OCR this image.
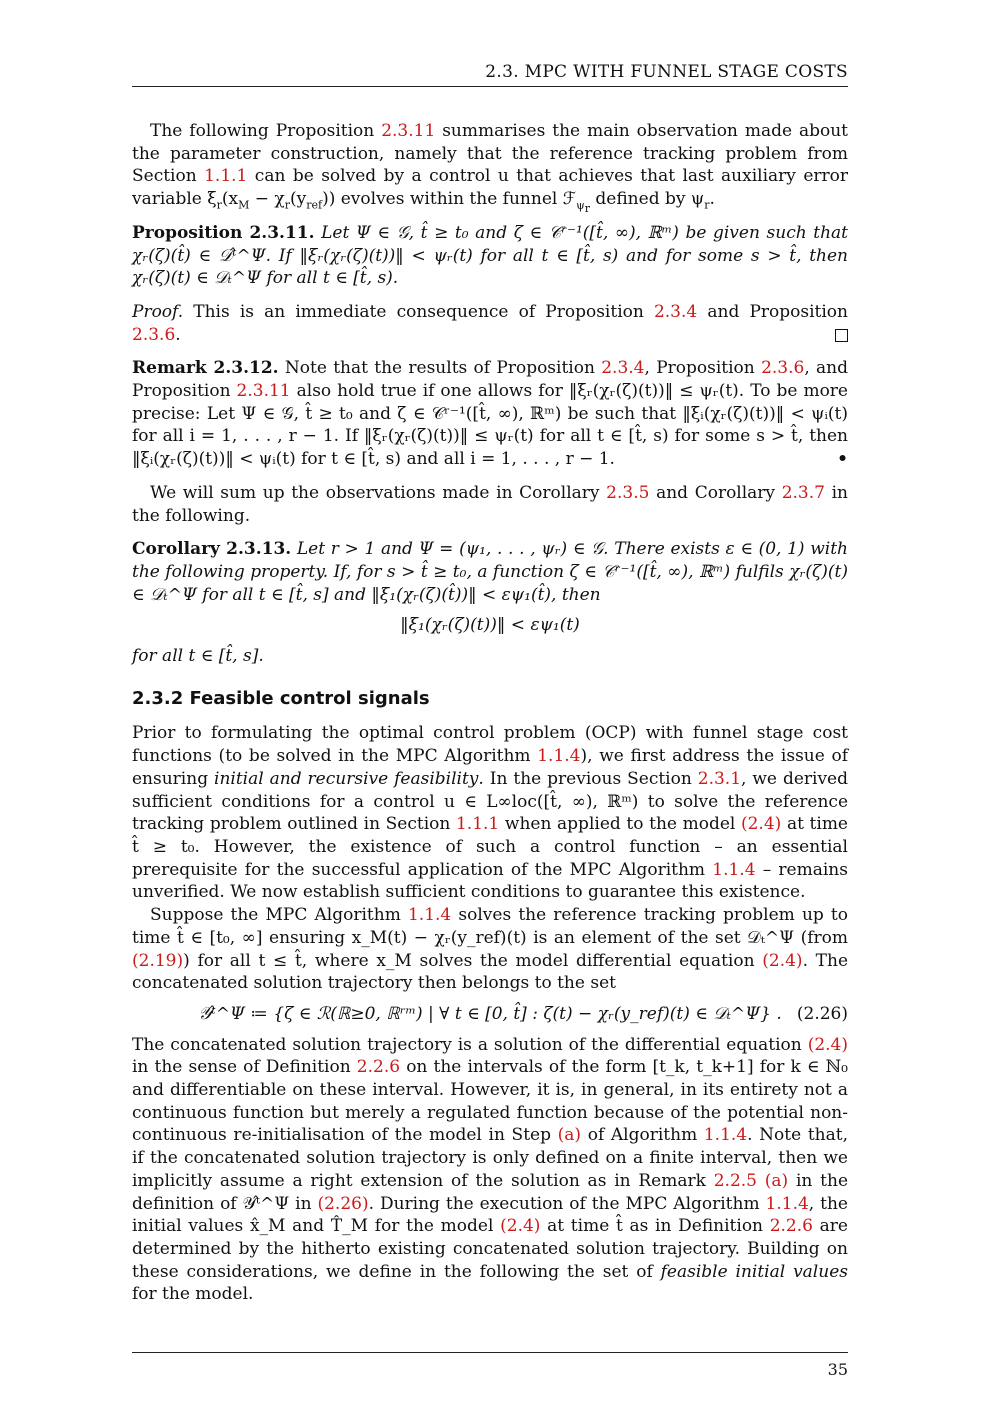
2.3. MPC WITH FUNNEL STAGE COSTS

The following Proposition 2.3.11 summarises the main observation made about the parameter construction, namely that the reference tracking problem from Section 1.1.1 can be solved by a control u that achieves that last auxiliary error variable $\xi_r(x_M - \chi_r(y_{ref}))$ evolves within the funnel ℱ$_{\psi_r}$ defined by $\psi_r$.

Proposition 2.3.11. Let Ψ ∈ 𝒢, t̂ ≥ t₀ and ζ ∈ 𝒞ʳ⁻¹([t̂, ∞), ℝᵐ) be given such that χᵣ(ζ)(t̂) ∈ 𝒟ᵗ̂^Ψ. If ‖ξᵣ(χᵣ(ζ)(t))‖ < ψᵣ(t) for all t ∈ [t̂, s) and for some s > t̂, then χᵣ(ζ)(t) ∈ 𝒟ₜ^Ψ for all t ∈ [t̂, s).

Proof. This is an immediate consequence of Proposition 2.3.4 and Proposition 2.3.6.

Remark 2.3.12. Note that the results of Proposition 2.3.4, Proposition 2.3.6, and Proposition 2.3.11 also hold true if one allows for ‖ξᵣ(χᵣ(ζ)(t))‖ ≤ ψᵣ(t). To be more precise: Let Ψ ∈ 𝒢, t̂ ≥ t₀ and ζ ∈ 𝒞ʳ⁻¹([t̂, ∞), ℝᵐ) be such that ‖ξᵢ(χᵣ(ζ)(t))‖ < ψᵢ(t) for all i = 1, . . . , r − 1. If ‖ξᵣ(χᵣ(ζ)(t))‖ ≤ ψᵣ(t) for all t ∈ [t̂, s) for some s > t̂, then ‖ξᵢ(χᵣ(ζ)(t))‖ < ψᵢ(t) for t ∈ [t̂, s) and all i = 1, . . . , r − 1.	•

We will sum up the observations made in Corollary 2.3.5 and Corollary 2.3.7 in the following.

Corollary 2.3.13. Let r > 1 and Ψ = (ψ₁, . . . , ψᵣ) ∈ 𝒢. There exists ε ∈ (0, 1) with the following property. If, for s > t̂ ≥ t₀, a function ζ ∈ 𝒞ʳ⁻¹([t̂, ∞), ℝᵐ) fulfils χᵣ(ζ)(t) ∈ 𝒟ₜ^Ψ for all t ∈ [t̂, s] and ‖ξ₁(χᵣ(ζ)(t̂))‖ < εψ₁(t̂), then

‖ξ₁(χᵣ(ζ)(t))‖ < εψ₁(t)

for all t ∈ [t̂, s].

2.3.2 Feasible control signals

Prior to formulating the optimal control problem (OCP) with funnel stage cost functions (to be solved in the MPC Algorithm 1.1.4), we first address the issue of ensuring initial and recursive feasibility. In the previous Section 2.3.1, we derived sufficient conditions for a control u ∈ L∞loc([t̂, ∞), ℝᵐ) to solve the reference tracking problem outlined in Section 1.1.1 when applied to the model (2.4) at time t̂ ≥ t₀. However, the existence of such a control function – an essential prerequisite for the successful application of the MPC Algorithm 1.1.4 – remains unverified. We now establish sufficient conditions to guarantee this existence.

Suppose the MPC Algorithm 1.1.4 solves the reference tracking problem up to time t̂ ∈ [t₀, ∞] ensuring x_M(t) − χᵣ(y_ref)(t) is an element of the set 𝒟ₜ^Ψ (from (2.19)) for all t ≤ t̂, where x_M solves the model differential equation (2.4). The concatenated solution trajectory then belongs to the set

𝒴ᵗ̂^Ψ ≔ {ζ ∈ ℛ(ℝ≥0, ℝʳᵐ) | ∀ t ∈ [0, t̂] : ζ(t) − χᵣ(y_ref)(t) ∈ 𝒟ₜ^Ψ} . (2.26)

The concatenated solution trajectory is a solution of the differential equation (2.4) in the sense of Definition 2.2.6 on the intervals of the form [t_k, t_k+1] for k ∈ ℕ₀ and differentiable on these interval. However, it is, in general, in its entirety not a continuous function but merely a regulated function because of the potential non-continuous re-initialisation of the model in Step (a) of Algorithm 1.1.4. Note that, if the concatenated solution trajectory is only defined on a finite interval, then we implicitly assume a right extension of the solution as in Remark 2.2.5 (a) in the definition of 𝒴ᵗ̂^Ψ in (2.26). During the execution of the MPC Algorithm 1.1.4, the initial values x̂_M and T̂_M for the model (2.4) at time t̂ as in Definition 2.2.6 are determined by the hitherto existing concatenated solution trajectory. Building on these considerations, we define in the following the set of feasible initial values for the model.

35
